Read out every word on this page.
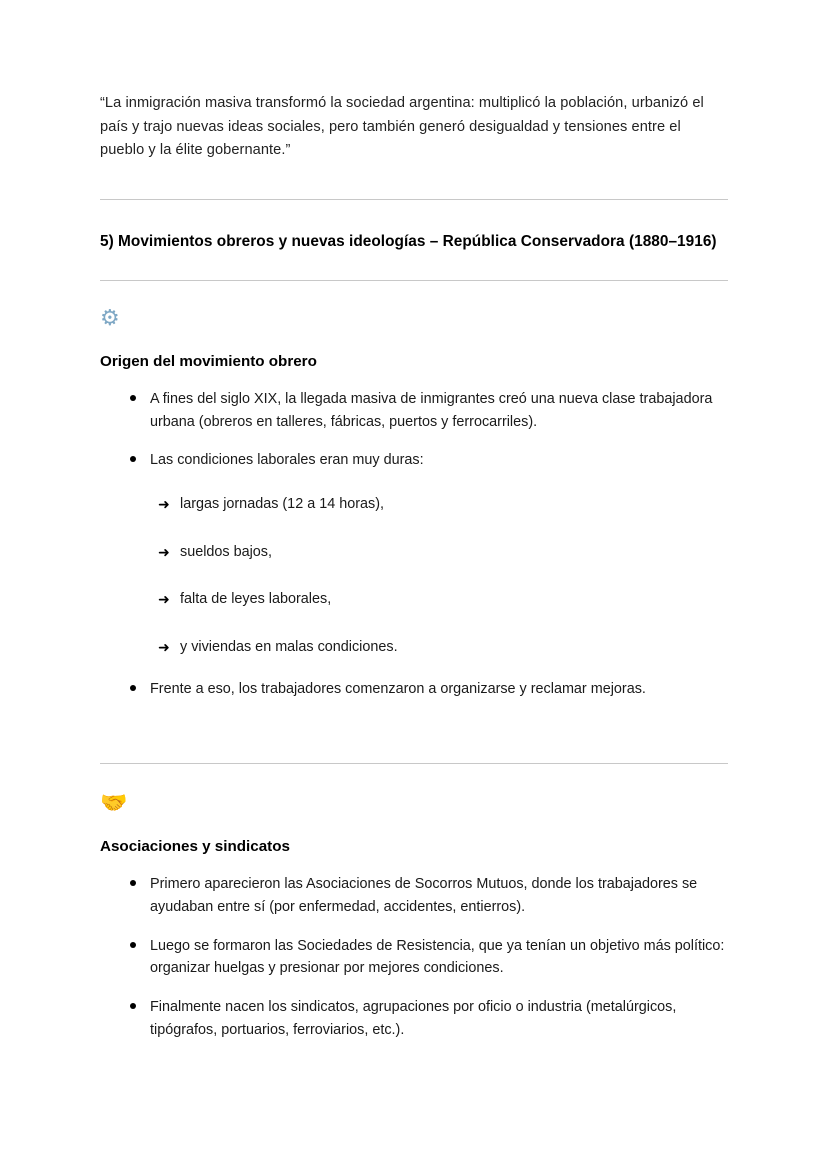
“La inmigración masiva transformó la sociedad argentina: multiplicó la población, urbanizó el país y trajo nuevas ideas sociales, pero también generó desigualdad y tensiones entre el pueblo y la élite gobernante.”

5) Movimientos obreros y nuevas ideologías – República Conservadora (1880–1916)
⚙
Origen del movimiento obrero
A fines del siglo XIX, la llegada masiva de inmigrantes creó una nueva clase trabajadora urbana (obreros en talleres, fábricas, puertos y ferrocarriles).
Las condiciones laborales eran muy duras:
➜ largas jornadas (12 a 14 horas),
➜ sueldos bajos,
➜ falta de leyes laborales,
➜ y viviendas en malas condiciones.
Frente a eso, los trabajadores comenzaron a organizarse y reclamar mejoras.
🤝
Asociaciones y sindicatos
Primero aparecieron las Asociaciones de Socorros Mutuos, donde los trabajadores se ayudaban entre sí (por enfermedad, accidentes, entierros).
Luego se formaron las Sociedades de Resistencia, que ya tenían un objetivo más político: organizar huelgas y presionar por mejores condiciones.
Finalmente nacen los sindicatos, agrupaciones por oficio o industria (metalúrgicos, tipógrafos, portuarios, ferroviarios, etc.).
